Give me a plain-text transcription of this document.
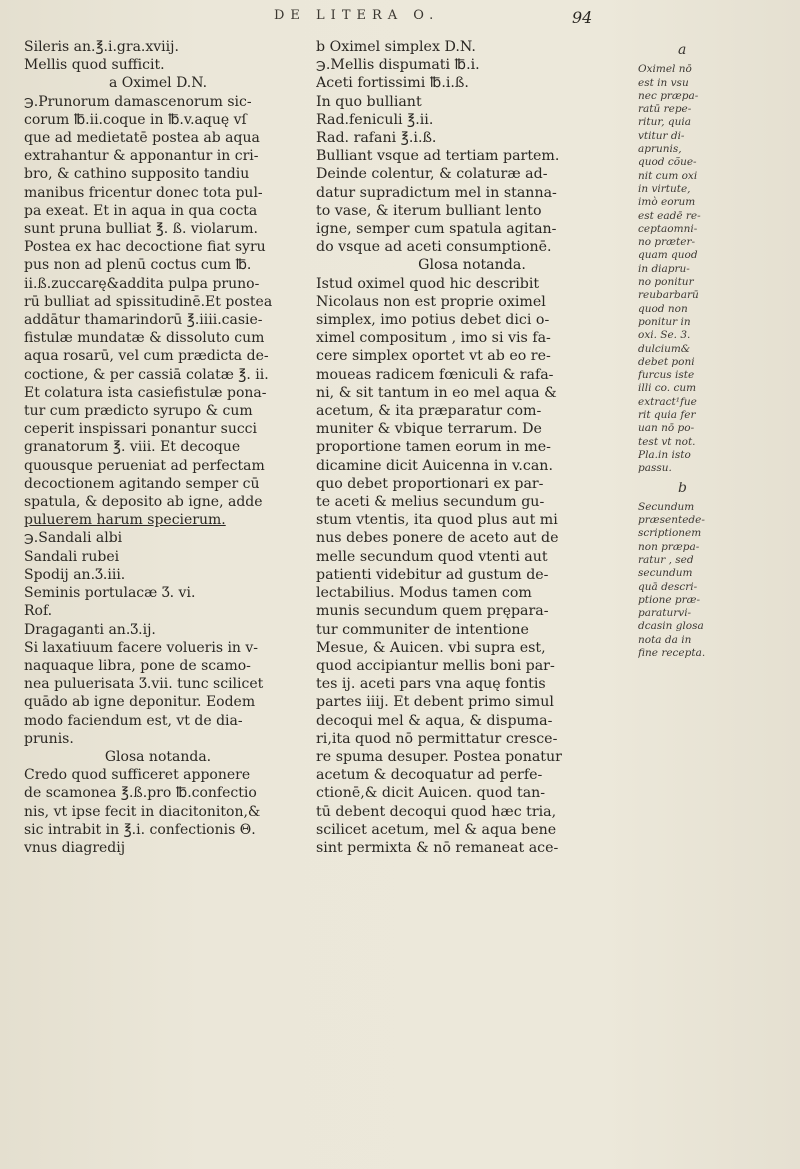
DE LITERA O.	94
Sileris an.℥.i.gra.xviij.
Mellis quod sufficit.
a Oximel D.N.
℈.Prunorum damascenorum sic-
corum ℔.ii.coque in ℔.v.aquę vſ
que ad medietatē postea ab aqua
extrahantur & apponantur in cri-
bro, & cathino supposito tandiu
manibus fricentur donec tota pul-
pa exeat. Et in aqua in qua cocta
sunt pruna bulliat ℥. ß. violarum.
Postea ex hac decoctione fiat syru
pus non ad plenū coctus cum ℔.
ii.ß.zuccarę&addita pulpa pruno-
rū bulliat ad spissitudinē.Et postea
addātur thamarindorū ℥.iiii.casie-
fistulæ mundatæ & dissoluto cum
aqua rosarū, vel cum prædicta de-
coctione, & per cassiā colatæ ℥. ii.
Et colatura ista casiefistulæ pona-
tur cum prædicto syrupo & cum
ceperit inspissari ponantur succi
granatorum ℥. viii. Et decoque
quousque perueniat ad perfectam
decoctionem agitando semper cū
spatula, & deposito ab igne, adde
puluerem harum specierum.
℈.Sandali albi
Sandali rubei
Spodij an.Ʒ.iii.
Seminis portulacæ Ʒ. vi.
Rof.
Dragaganti an.Ʒ.ij.
Si laxatiuum facere volueris in v-
naquaque libra, pone de scamo-
nea puluerisata Ʒ.vii. tunc scilicet
quādo ab igne deponitur. Eodem
modo faciendum est, vt de dia-
prunis.
Glosa notanda.
Credo quod sufficeret apponere
de scamonea ℥.ß.pro ℔.confectio
nis, vt ipse fecit in diacitoniton,&
sic intrabit in ℥.i. confectionis Θ.
vnus diagredij
b Oximel simplex D.N.
℈.Mellis dispumati ℔.i.
Aceti fortissimi ℔.i.ß.
In quo bulliant
Rad.feniculi ℥.ii.
Rad. rafani ℥.i.ß.
Bulliant vsque ad tertiam partem.
Deinde colentur, & colaturæ ad-
datur supradictum mel in stanna-
to vase, & iterum bulliant lento
igne, semper cum spatula agitan-
do vsque ad aceti consumptionē.
Glosa notanda.
Istud oximel quod hic describit
Nicolaus non est proprie oximel
simplex, imo potius debet dici o-
ximel compositum , imo si vis fa-
cere simplex oportet vt ab eo re-
moueas radicem fœniculi & rafa-
ni, & sit tantum in eo mel aqua &
acetum, & ita præparatur com-
muniter & vbique terrarum. De
proportione tamen eorum in me-
dicamine dicit Auicenna in v.can.
quo debet proportionari ex par-
te aceti & melius secundum gu-
stum vtentis, ita quod plus aut mi
nus debes ponere de aceto aut de
melle secundum quod vtenti aut
patienti videbitur ad gustum de-
lectabilius. Modus tamen com
munis secundum quem prępara-
tur communiter de intentione
Mesue, & Auicen. vbi supra est,
quod accipiantur mellis boni par-
tes ij. aceti pars vna aquę fontis
partes iiij. Et debent primo simul
decoqui mel & aqua, & dispuma-
ri,ita quod nō permittatur cresce-
re spuma desuper. Postea ponatur
acetum & decoquatur ad perfe-
ctionē,& dicit Auicen. quod tan-
tū debent decoqui quod hæc tria,
scilicet acetum, mel & aqua bene
sint permixta & nō remaneat ace-
a
Oximel nō
est in vsu
nec præpa-
ratū repe-
ritur, quia
vtitur di-
aprunis,
quod cõue-
nit cum oxi
in virtute,
imò eorum
est eadē re-
ceptaomni-
no præter-
quam quod
in diapru-
no ponitur
reubarbarū
quod non
ponitur in
oxi. Se. 3.
dulcium&
debet poni
furcus iste
illi co. cum
extract¹fue
rit quia fer
uan nō po-
test vt not.
Pla.in isto
passu.
b
Secundum
præsentede-
scriptionem
non præpa-
ratur , sed
secundum
quā descri-
ptione præ-
paraturvi-
dcasin glosa
nota da in
fine recepta.
